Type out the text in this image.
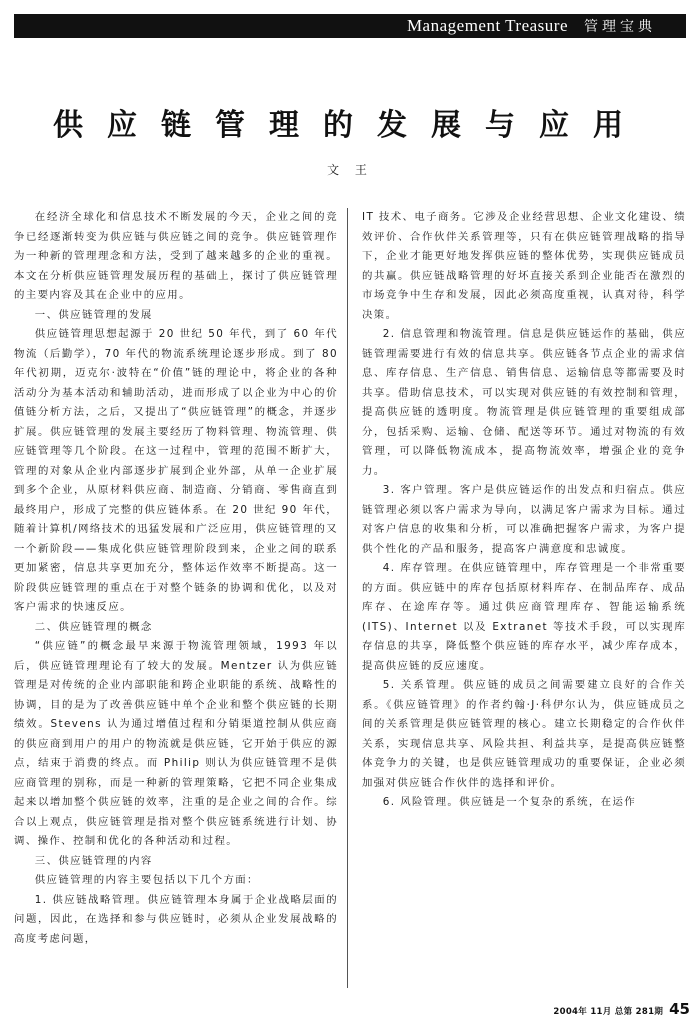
Management Treasure 管理宝典
供应链管理的发展与应用
文 王

在经济全球化和信息技术不断发展的今天，企业之间的竞争已经逐渐转变为供应链与供应链之间的竞争。供应链管理作为一种新的管理理念和方法，受到了越来越多的企业的重视。本文在分析供应链管理发展历程的基础上，探讨了供应链管理的主要内容及其在企业中的应用。

一、供应链管理的发展

供应链管理思想起源于 20 世纪 50 年代，到了 60 年代物流（后勤学），70 年代的物流系统理论逐步形成。到了 80 年代初期，迈克尔·波特在“价值”链的理论中，将企业的各种活动分为基本活动和辅助活动，进而形成了以企业为中心的价值链分析方法，之后，又提出了“供应链管理”的概念，并逐步扩展。供应链管理的发展主要经历了物料管理、物流管理、供应链管理等几个阶段。在这一过程中，管理的范围不断扩大，管理的对象从企业内部逐步扩展到企业外部，从单一企业扩展到多个企业，从原材料供应商、制造商、分销商、零售商直到最终用户，形成了完整的供应链体系。在 20 世纪 90 年代，随着计算机/网络技术的迅猛发展和广泛应用，供应链管理的又一个新阶段——集成化供应链管理阶段到来，企业之间的联系更加紧密，信息共享更加充分，整体运作效率不断提高。这一阶段供应链管理的重点在于对整个链条的协调和优化，以及对客户需求的快速反应。

二、供应链管理的概念

“供应链”的概念最早来源于物流管理领域，1993 年以后，供应链管理理论有了较大的发展。Mentzer 认为供应链管理是对传统的企业内部职能和跨企业职能的系统、战略性的协调，目的是为了改善供应链中单个企业和整个供应链的长期绩效。Stevens 认为通过增值过程和分销渠道控制从供应商的供应商到用户的用户的物流就是供应链，它开始于供应的源点，结束于消费的终点。而 Philip 则认为供应链管理不是供应商管理的别称，而是一种新的管理策略，它把不同企业集成起来以增加整个供应链的效率，注重的是企业之间的合作。综合以上观点，供应链管理是指对整个供应链系统进行计划、协调、操作、控制和优化的各种活动和过程。

三、供应链管理的内容

供应链管理的内容主要包括以下几个方面：

1. 供应链战略管理。供应链管理本身属于企业战略层面的问题，因此，在选择和参与供应链时，必须从企业发展战略的高度考虑问题，

IT 技术、电子商务。它涉及企业经营思想、企业文化建设、绩效评价、合作伙伴关系管理等，只有在供应链管理战略的指导下，企业才能更好地发挥供应链的整体优势，实现供应链成员的共赢。供应链战略管理的好坏直接关系到企业能否在激烈的市场竞争中生存和发展，因此必须高度重视，认真对待，科学决策。

2. 信息管理和物流管理。信息是供应链运作的基础，供应链管理需要进行有效的信息共享。供应链各节点企业的需求信息、库存信息、生产信息、销售信息、运输信息等都需要及时共享。借助信息技术，可以实现对供应链的有效控制和管理，提高供应链的透明度。物流管理是供应链管理的重要组成部分，包括采购、运输、仓储、配送等环节。通过对物流的有效管理，可以降低物流成本，提高物流效率，增强企业的竞争力。

3. 客户管理。客户是供应链运作的出发点和归宿点。供应链管理必须以客户需求为导向，以满足客户需求为目标。通过对客户信息的收集和分析，可以准确把握客户需求，为客户提供个性化的产品和服务，提高客户满意度和忠诚度。

4. 库存管理。在供应链管理中，库存管理是一个非常重要的方面。供应链中的库存包括原材料库存、在制品库存、成品库存、在途库存等。通过供应商管理库存、智能运输系统 (ITS)、Internet 以及 Extranet 等技术手段，可以实现库存信息的共享，降低整个供应链的库存水平，减少库存成本，提高供应链的反应速度。

5. 关系管理。供应链的成员之间需要建立良好的合作关系。《供应链管理》的作者约翰·J·科伊尔认为，供应链成员之间的关系管理是供应链管理的核心。建立长期稳定的合作伙伴关系，实现信息共享、风险共担、利益共享，是提高供应链整体竞争力的关键，也是供应链管理成功的重要保证，企业必须加强对供应链合作伙伴的选择和评价。

6. 风险管理。供应链是一个复杂的系统，在运作

2004年 11月 总第 281期 45
